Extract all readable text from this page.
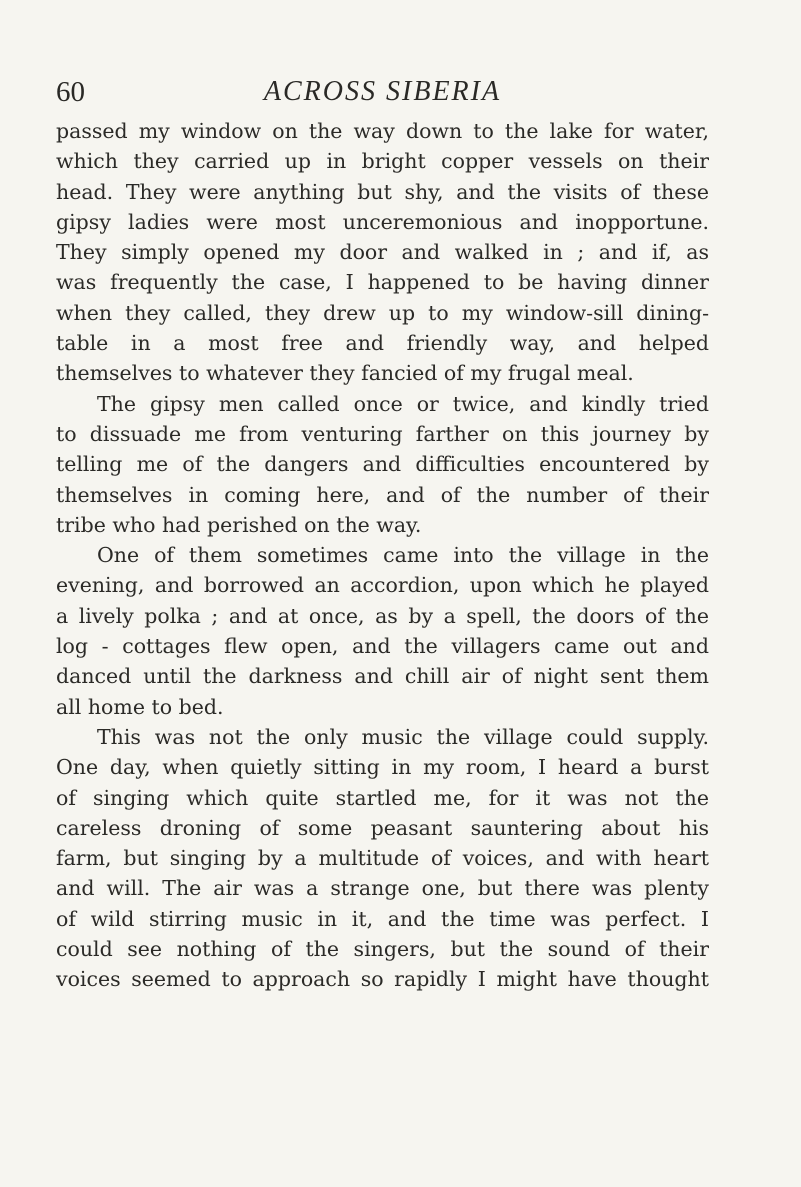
60	ACROSS SIBERIA
passed my window on the way down to the lake for water,
which they carried up in bright copper vessels on their
head. They were anything but shy, and the visits of these
gipsy ladies were most unceremonious and inopportune.
They simply opened my door and walked in ; and if, as
was frequently the case, I happened to be having dinner
when they called, they drew up to my window-sill dining-
table in a most free and friendly way, and helped
themselves to whatever they fancied of my frugal meal.
The gipsy men called once or twice, and kindly tried
to dissuade me from venturing farther on this journey by
telling me of the dangers and difficulties encountered by
themselves in coming here, and of the number of their
tribe who had perished on the way.
One of them sometimes came into the village in the
evening, and borrowed an accordion, upon which he played
a lively polka ; and at once, as by a spell, the doors of the
log - cottages flew open, and the villagers came out and
danced until the darkness and chill air of night sent them
all home to bed.
This was not the only music the village could supply.
One day, when quietly sitting in my room, I heard a burst
of singing which quite startled me, for it was not the
careless droning of some peasant sauntering about his
farm, but singing by a multitude of voices, and with heart
and will. The air was a strange one, but there was plenty
of wild stirring music in it, and the time was perfect. I
could see nothing of the singers, but the sound of their
voices seemed to approach so rapidly I might have thought
